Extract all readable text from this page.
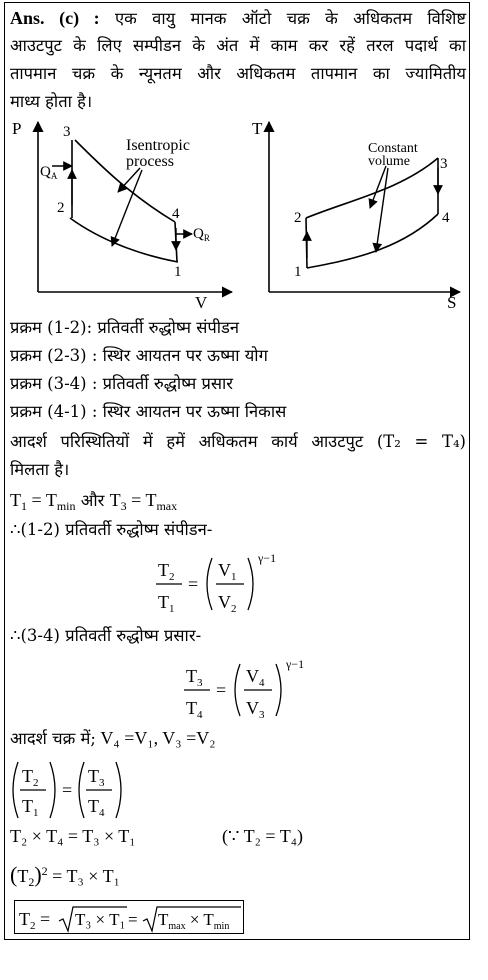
Ans. (c) : एक वायु मानक ऑटो चक्र के अधिकतम विशिष्ट
आउटपुट के लिए सम्पीडन के अंत में काम कर रहें तरल पदार्थ का
तापमान चक्र के न्यूनतम और अधिकतम तापमान का ज्यामितीय
माध्य होता है।
P
V
3
2	4
1
Isentropic
process
$Q_A$
$Q_R$
T
S
3
2	4
1
Constant
volume
प्रक्रम (1-2): प्रतिवर्ती रुद्धोष्म संपीडन
प्रक्रम (2-3) : स्थिर आयतन पर ऊष्मा योग
प्रक्रम (3-4) : प्रतिवर्ती रुद्धोष्म प्रसार
प्रक्रम (4-1) : स्थिर आयतन पर ऊष्मा निकास
आदर्श परिस्थितियों में हमें अधिकतम कार्य आउटपुट (T₂ = T₄)
मिलता है।
$T_1 = T_{min}$ और $T_3 = T_{max}$
∴(1-2) प्रतिवर्ती रुद्धोष्म संपीडन-
$T_2$
$T_1$
=
$V_1$
$V_2$
γ−1
∴(3-4) प्रतिवर्ती रुद्धोष्म प्रसार-
$T_3$
$T_4$
=
$V_4$
$V_3$
γ−1
आदर्श चक्र में; V₄ =V₁, V₃ =V₂
$T_2$
$T_1$
=
$T_3$
$T_4$
T₂ × T₄ = T₃ × T₁	(∵ T₂ = T₄)
$(T_2)^2 = T_3 \times T_1$
$T_2 = T_3 \times T_1 = T_{max} \times T_{min}$
